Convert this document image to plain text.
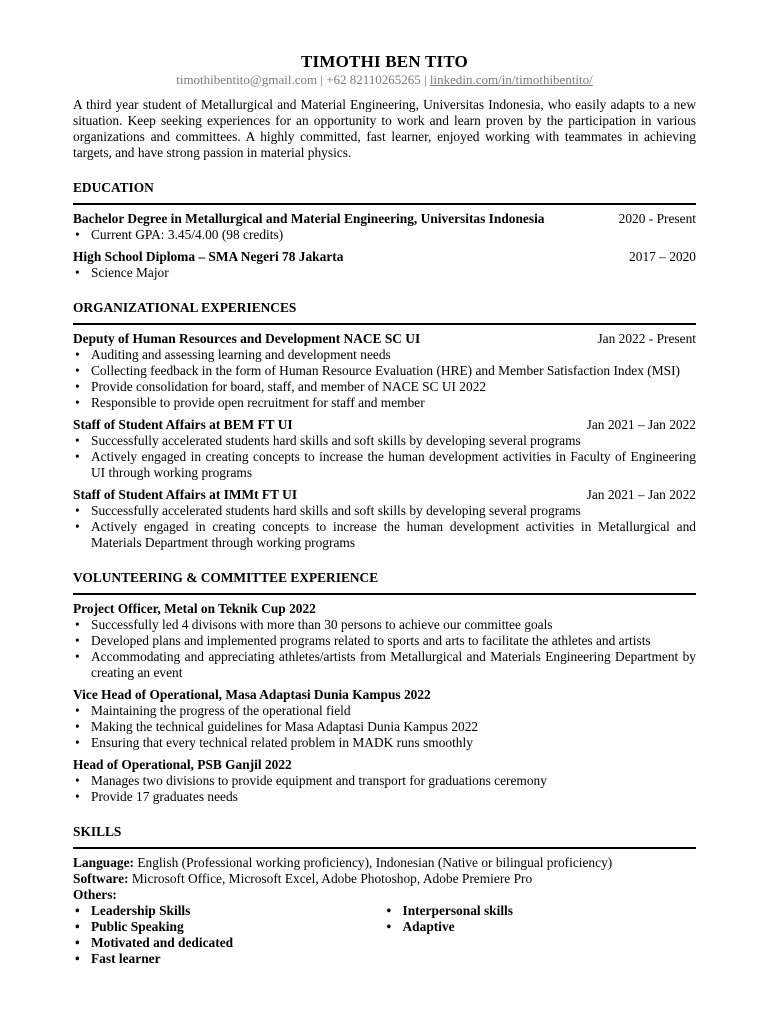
TIMOTHI BEN TITO
timothibentito@gmail.com | +62 82110265265 | linkedin.com/in/timothibentito/
A third year student of Metallurgical and Material Engineering, Universitas Indonesia, who easily adapts to a new situation. Keep seeking experiences for an opportunity to work and learn proven by the participation in various organizations and committees. A highly committed, fast learner, enjoyed working with teammates in achieving targets, and have strong passion in material physics.
EDUCATION
Bachelor Degree in Metallurgical and Material Engineering, Universitas Indonesia	2020 - Present
• Current GPA: 3.45/4.00 (98 credits)
High School Diploma – SMA Negeri 78 Jakarta	2017 – 2020
• Science Major
ORGANIZATIONAL EXPERIENCES
Deputy of Human Resources and Development NACE SC UI	Jan 2022 - Present
• Auditing and assessing learning and development needs
• Collecting feedback in the form of Human Resource Evaluation (HRE) and Member Satisfaction Index (MSI)
• Provide consolidation for board, staff, and member of NACE SC UI 2022
• Responsible to provide open recruitment for staff and member
Staff of Student Affairs at BEM FT UI	Jan 2021 – Jan 2022
• Successfully accelerated students hard skills and soft skills by developing several programs
• Actively engaged in creating concepts to increase the human development activities in Faculty of Engineering UI through working programs
Staff of Student Affairs at IMMt FT UI	Jan 2021 – Jan 2022
• Successfully accelerated students hard skills and soft skills by developing several programs
• Actively engaged in creating concepts to increase the human development activities in Metallurgical and Materials Department through working programs
VOLUNTEERING & COMMITTEE EXPERIENCE
Project Officer, Metal on Teknik Cup 2022
• Successfully led 4 divisons with more than 30 persons to achieve our committee goals
• Developed plans and implemented programs related to sports and arts to facilitate the athletes and artists
• Accommodating and appreciating athletes/artists from Metallurgical and Materials Engineering Department by creating an event
Vice Head of Operational, Masa Adaptasi Dunia Kampus 2022
• Maintaining the progress of the operational field
• Making the technical guidelines for Masa Adaptasi Dunia Kampus 2022
• Ensuring that every technical related problem in MADK runs smoothly
Head of Operational, PSB Ganjil 2022
• Manages two divisions to provide equipment and transport for graduations ceremony
• Provide 17 graduates needs
SKILLS
Language: English (Professional working proficiency), Indonesian (Native or bilingual proficiency)
Software: Microsoft Office, Microsoft Excel, Adobe Photoshop, Adobe Premiere Pro
Others:
• Leadership Skills
• Public Speaking
• Motivated and dedicated
• Fast learner
• Interpersonal skills
• Adaptive
